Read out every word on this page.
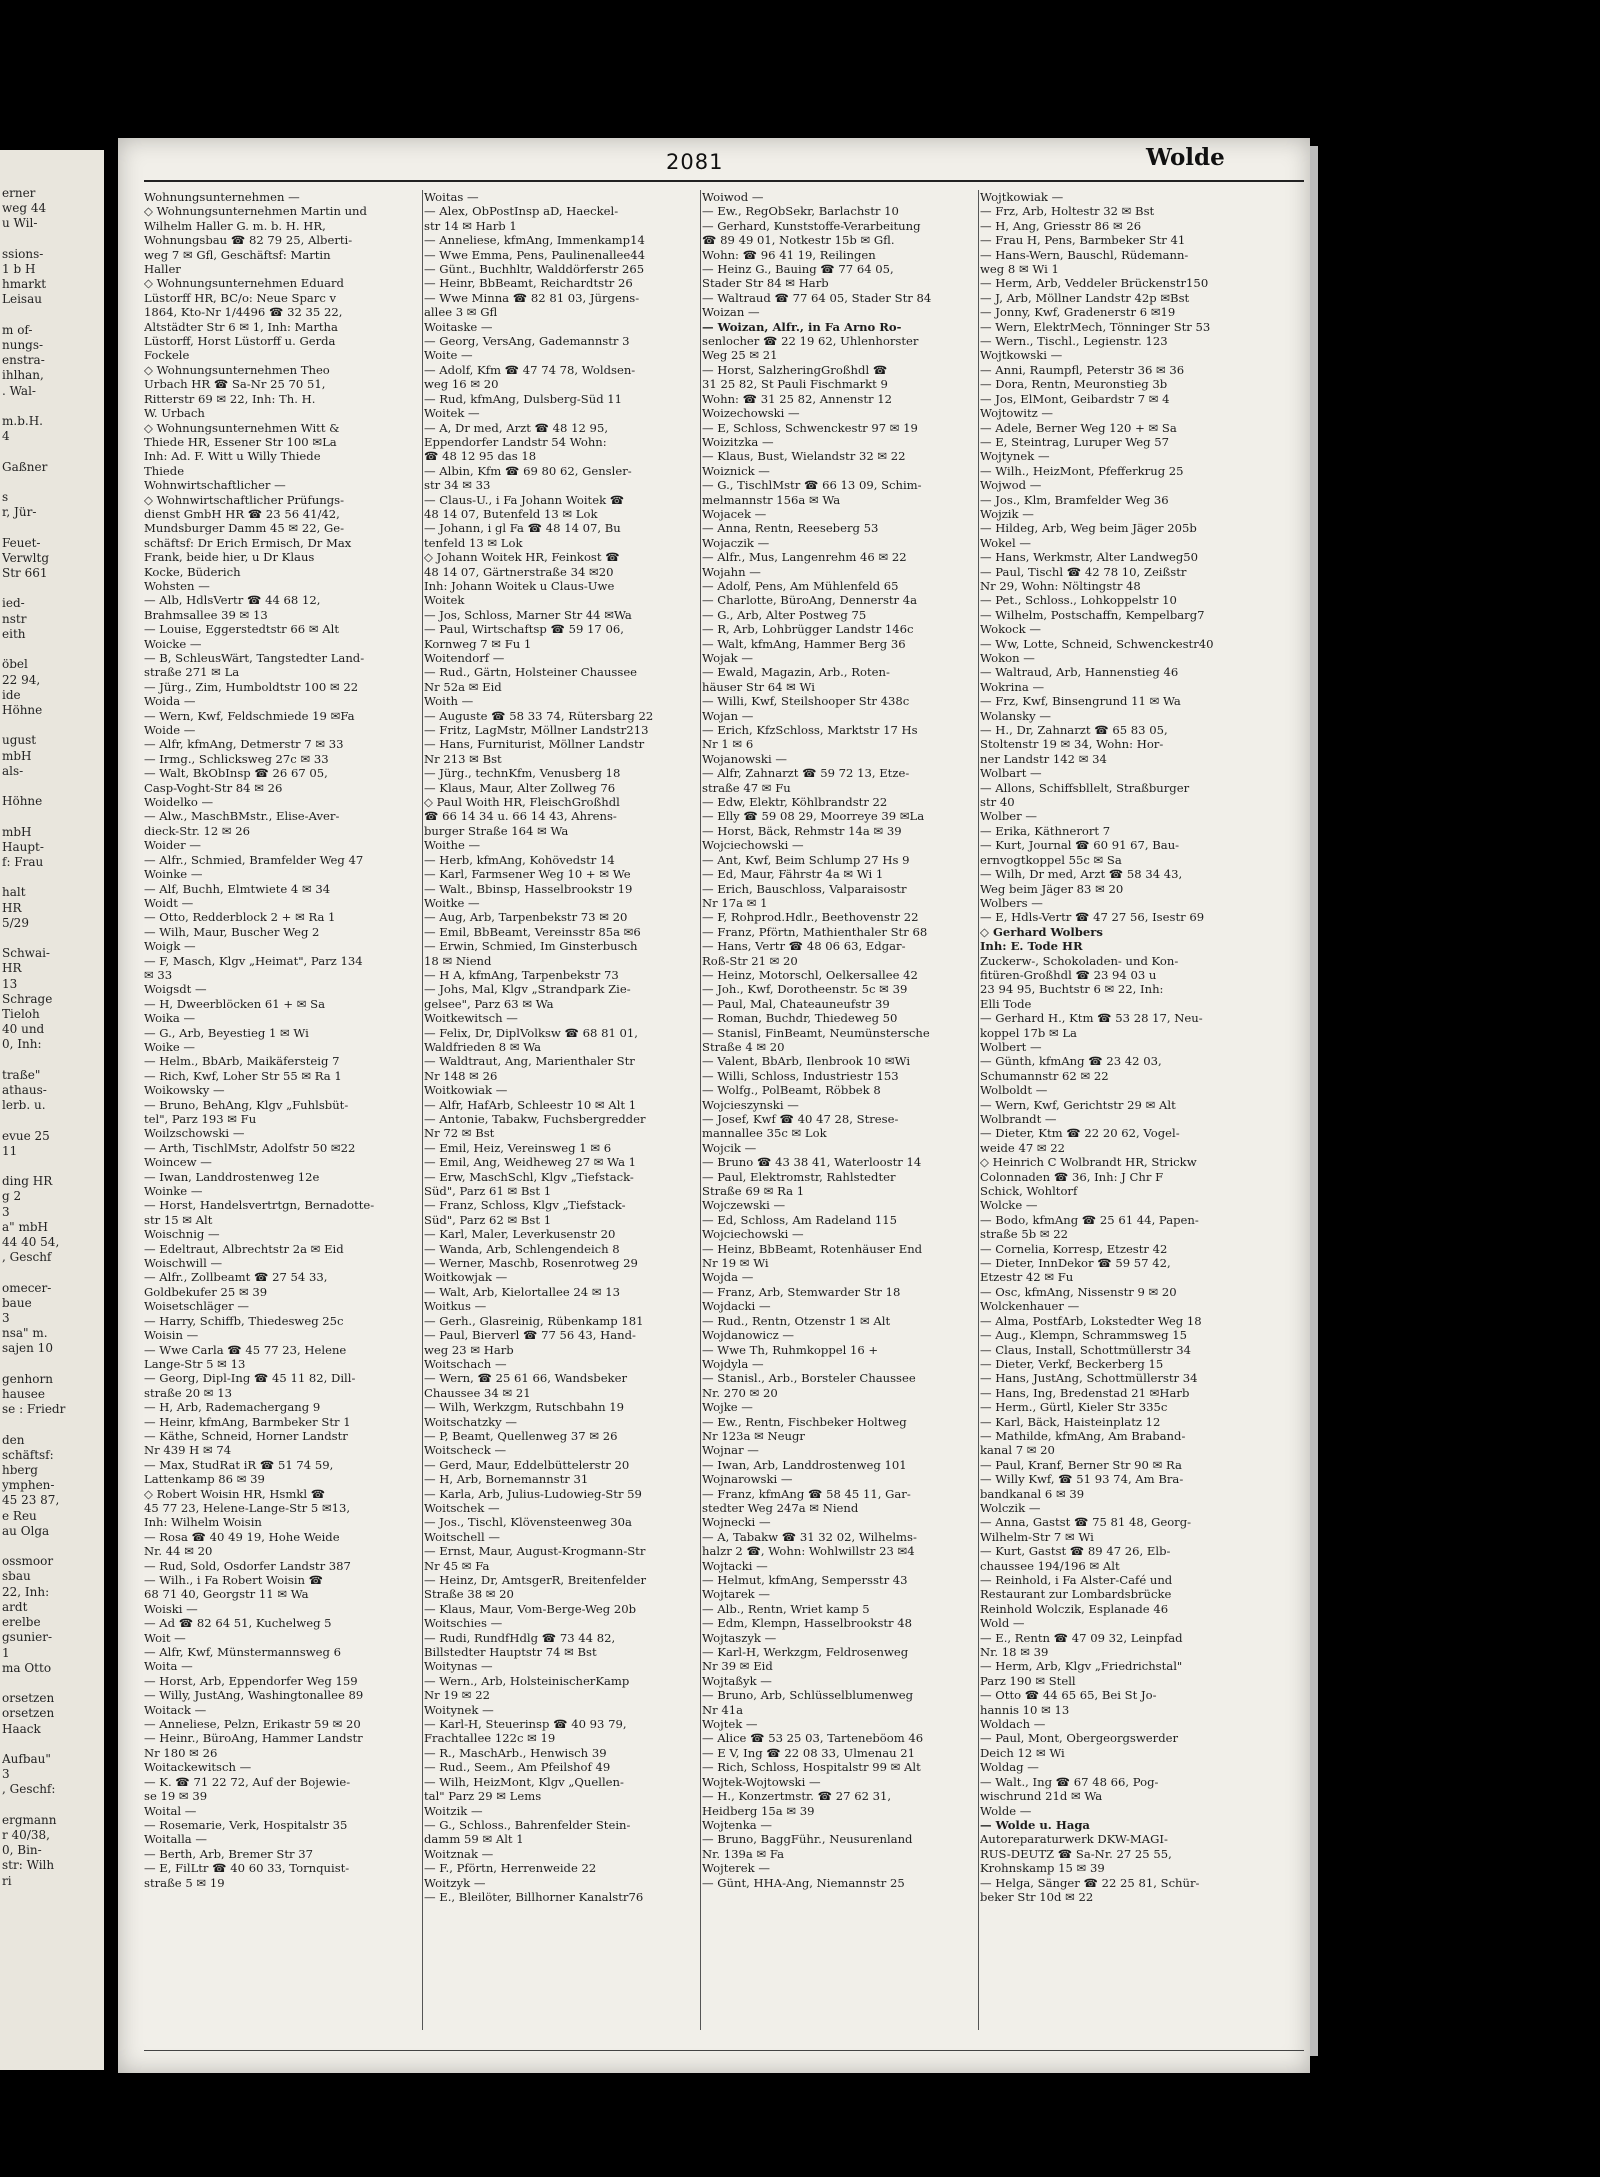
erner
weg 44
u Wil-

ssions-
1 b H
hmarkt
Leisau

m of-
nungs-
enstra-
ihlhan,
. Wal-

m.b.H.
4

Gaßner

s
r, Jür-

Feuet-
Verwltg
Str 661

ied-
nstr
eith

öbel
22 94,
ide
Höhne

ugust
mbH
als-

Höhne

mbH
Haupt-
f: Frau

halt
HR
5/29

Schwai-
HR
13
Schrage
Tieloh
40 und
0, Inh:

traße"
athaus-
lerb. u.

evue 25
11

ding HR
g 2
3
a" mbH
44 40 54,
, Geschf

omecer-
baue
3
nsa" m.
sajen 10

genhorn
hausee
se : Friedr

den
schäftsf:
hberg
ymphen-
45 23 87,
e Reu
au Olga

ossmoor
sbau
22, Inh:
ardt
erelbe
gsunier-
1
ma Otto

orsetzen
orsetzen
Haack

Aufbau"
3
, Geschf:

ergmann
r 40/38,
0, Bin-
str: Wilh
ri
2081	Wolde
Wohnungsunternehmen —
◇ Wohnungsunternehmen Martin und
Wilhelm Haller G. m. b. H. HR,
Wohnungsbau ☎ 82 79 25, Alberti-
weg 7 ✉ Gfl, Geschäftsf: Martin
Haller
◇ Wohnungsunternehmen Eduard
Lüstorff HR, BC/o: Neue Sparc v
1864, Kto-Nr 1/4496 ☎ 32 35 22,
Altstädter Str 6 ✉ 1, Inh: Martha
Lüstorff, Horst Lüstorff u. Gerda
Fockele
◇ Wohnungsunternehmen Theo
Urbach HR ☎ Sa-Nr 25 70 51,
Ritterstr 69 ✉ 22, Inh: Th. H.
W. Urbach
◇ Wohnungsunternehmen Witt &
Thiede HR, Essener Str 100 ✉La
Inh: Ad. F. Witt u Willy Thiede
Thiede
Wohnwirtschaftlicher —
◇ Wohnwirtschaftlicher Prüfungs-
dienst GmbH HR ☎ 23 56 41/42,
Mundsburger Damm 45 ✉ 22, Ge-
schäftsf: Dr Erich Ermisch, Dr Max
Frank, beide hier, u Dr Klaus
Kocke, Büderich
Wohsten —
— Alb, HdlsVertr ☎ 44 68 12,
Brahmsallee 39 ✉ 13
— Louise, Eggerstedtstr 66 ✉ Alt
Woicke —
— B, SchleusWärt, Tangstedter Land-
straße 271 ✉ La
— Jürg., Zim, Humboldtstr 100 ✉ 22
Woida —
— Wern, Kwf, Feldschmiede 19 ✉Fa
Woide —
— Alfr, kfmAng, Detmerstr 7 ✉ 33
— Irmg., Schlicksweg 27c ✉ 33
— Walt, BkObInsp ☎ 26 67 05,
Casp-Voght-Str 84 ✉ 26
Woidelko —
— Alw., MaschBMstr., Elise-Aver-
dieck-Str. 12 ✉ 26
Woider —
— Alfr., Schmied, Bramfelder Weg 47
Woinke —
— Alf, Buchh, Elmtwiete 4 ✉ 34
Woidt —
— Otto, Redderblock 2 + ✉ Ra 1
— Wilh, Maur, Buscher Weg 2
Woigk —
— F, Masch, Klgv „Heimat", Parz 134
✉ 33
Woigsdt —
— H, Dweerblöcken 61 + ✉ Sa
Woika —
— G., Arb, Beyestieg 1 ✉ Wi
Woike —
— Helm., BbArb, Maikäfersteig 7
— Rich, Kwf, Loher Str 55 ✉ Ra 1
Woikowsky —
— Bruno, BehAng, Klgv „Fuhlsbüt-
tel", Parz 193 ✉ Fu
Woilzschowski —
— Arth, TischlMstr, Adolfstr 50 ✉22
Woincew —
— Iwan, Landdrostenweg 12e
Woinke —
— Horst, Handelsvertrtgn, Bernadotte-
str 15 ✉ Alt
Woischnig —
— Edeltraut, Albrechtstr 2a ✉ Eid
Woischwill —
— Alfr., Zollbeamt ☎ 27 54 33,
Goldbekufer 25 ✉ 39
Woisetschläger —
— Harry, Schiffb, Thiedesweg 25c
Woisin —
— Wwe Carla ☎ 45 77 23, Helene
Lange-Str 5 ✉ 13
— Georg, Dipl-Ing ☎ 45 11 82, Dill-
straße 20 ✉ 13
— H, Arb, Rademachergang 9
— Heinr, kfmAng, Barmbeker Str 1
— Käthe, Schneid, Horner Landstr
Nr 439 H ✉ 74
— Max, StudRat iR ☎ 51 74 59,
Lattenkamp 86 ✉ 39
◇ Robert Woisin HR, Hsmkl ☎
45 77 23, Helene-Lange-Str 5 ✉13,
Inh: Wilhelm Woisin
— Rosa ☎ 40 49 19, Hohe Weide
Nr. 44 ✉ 20
— Rud, Sold, Osdorfer Landstr 387
— Wilh., i Fa Robert Woisin ☎
68 71 40, Georgstr 11 ✉ Wa
Woiski —
— Ad ☎ 82 64 51, Kuchelweg 5
Woit —
— Alfr, Kwf, Münstermannsweg 6
Woita —
— Horst, Arb, Eppendorfer Weg 159
— Willy, JustAng, Washingtonallee 89
Woitack —
— Anneliese, Pelzn, Erikastr 59 ✉ 20
— Heinr., BüroAng, Hammer Landstr
Nr 180 ✉ 26
Woitackewitsch —
— K. ☎ 71 22 72, Auf der Bojewie-
se 19 ✉ 39
Woital —
— Rosemarie, Verk, Hospitalstr 35
Woitalla —
— Berth, Arb, Bremer Str 37
— E, FilLtr ☎ 40 60 33, Tornquist-
straße 5 ✉ 19
Woitas —
— Alex, ObPostInsp aD, Haeckel-
str 14 ✉ Harb 1
— Anneliese, kfmAng, Immenkamp14
— Wwe Emma, Pens, Paulinenallee44
— Günt., Buchhltr, Walddörferstr 265
— Heinr, BbBeamt, Reichardtstr 26
— Wwe Minna ☎ 82 81 03, Jürgens-
allee 3 ✉ Gfl
Woitaske —
— Georg, VersAng, Gademannstr 3
Woite —
— Adolf, Kfm ☎ 47 74 78, Woldsen-
weg 16 ✉ 20
— Rud, kfmAng, Dulsberg-Süd 11
Woitek —
— A, Dr med, Arzt ☎ 48 12 95,
Eppendorfer Landstr 54 Wohn:
☎ 48 12 95 das 18
— Albin, Kfm ☎ 69 80 62, Gensler-
str 34 ✉ 33
— Claus-U., i Fa Johann Woitek ☎
48 14 07, Butenfeld 13 ✉ Lok
— Johann, i gl Fa ☎ 48 14 07, Bu
tenfeld 13 ✉ Lok
◇ Johann Woitek HR, Feinkost ☎
48 14 07, Gärtnerstraße 34 ✉20
Inh: Johann Woitek u Claus-Uwe
Woitek
— Jos, Schloss, Marner Str 44 ✉Wa
— Paul, Wirtschaftsp ☎ 59 17 06,
Kornweg 7 ✉ Fu 1
Woitendorf —
— Rud., Gärtn, Holsteiner Chaussee
Nr 52a ✉ Eid
Woith —
— Auguste ☎ 58 33 74, Rütersbarg 22
— Fritz, LagMstr, Möllner Landstr213
— Hans, Furniturist, Möllner Landstr
Nr 213 ✉ Bst
— Jürg., technKfm, Venusberg 18
— Klaus, Maur, Alter Zollweg 76
◇ Paul Woith HR, FleischGroßhdl
☎ 66 14 34 u. 66 14 43, Ahrens-
burger Straße 164 ✉ Wa
Woithe —
— Herb, kfmAng, Kohövedstr 14
— Karl, Farmsener Weg 10 + ✉ We
— Walt., Bbinsp, Hasselbrookstr 19
Woitke —
— Aug, Arb, Tarpenbekstr 73 ✉ 20
— Emil, BbBeamt, Vereinsstr 85a ✉6
— Erwin, Schmied, Im Ginsterbusch
18 ✉ Niend
— H A, kfmAng, Tarpenbekstr 73
— Johs, Mal, Klgv „Strandpark Zie-
gelsee", Parz 63 ✉ Wa
Woitkewitsch —
— Felix, Dr, DiplVolksw ☎ 68 81 01,
Waldfrieden 8 ✉ Wa
— Waldtraut, Ang, Marienthaler Str
Nr 148 ✉ 26
Woitkowiak —
— Alfr, HafArb, Schleestr 10 ✉ Alt 1
— Antonie, Tabakw, Fuchsbergredder
Nr 72 ✉ Bst
— Emil, Heiz, Vereinsweg 1 ✉ 6
— Emil, Ang, Weidheweg 27 ✉ Wa 1
— Erw, MaschSchl, Klgv „Tiefstack-
Süd", Parz 61 ✉ Bst 1
— Franz, Schloss, Klgv „Tiefstack-
Süd", Parz 62 ✉ Bst 1
— Karl, Maler, Leverkusenstr 20
— Wanda, Arb, Schlengendeich 8
— Werner, Maschb, Rosenrotweg 29
Woitkowjak —
— Walt, Arb, Kielortallee 24 ✉ 13
Woitkus —
— Gerh., Glasreinig, Rübenkamp 181
— Paul, Bierverl ☎ 77 56 43, Hand-
weg 23 ✉ Harb
Woitschach —
— Wern, ☎ 25 61 66, Wandsbeker
Chaussee 34 ✉ 21
— Wilh, Werkzgm, Rutschbahn 19
Woitschatzky —
— P, Beamt, Quellenweg 37 ✉ 26
Woitscheck —
— Gerd, Maur, Eddelbüttelerstr 20
— H, Arb, Bornemannstr 31
— Karla, Arb, Julius-Ludowieg-Str 59
Woitschek —
— Jos., Tischl, Klövensteenweg 30a
Woitschell —
— Ernst, Maur, August-Krogmann-Str
Nr 45 ✉ Fa
— Heinz, Dr, AmtsgerR, Breitenfelder
Straße 38 ✉ 20
— Klaus, Maur, Vom-Berge-Weg 20b
Woitschies —
— Rudi, RundfHdlg ☎ 73 44 82,
Billstedter Hauptstr 74 ✉ Bst
Woitynas —
— Wern., Arb, HolsteinischerKamp
Nr 19 ✉ 22
Woitynek —
— Karl-H, Steuerinsp ☎ 40 93 79,
Frachtallee 122c ✉ 19
— R., MaschArb., Henwisch 39
— Rud., Seem., Am Pfeilshof 49
— Wilh, HeizMont, Klgv „Quellen-
tal" Parz 29 ✉ Lems
Woitzik —
— G., Schloss., Bahrenfelder Stein-
damm 59 ✉ Alt 1
Woitznak —
— F., Pförtn, Herrenweide 22
Woitzyk —
— E., Bleilöter, Billhorner Kanalstr76
Woiwod —
— Ew., RegObSekr, Barlachstr 10
— Gerhard, Kunststoffe-Verarbeitung
☎ 89 49 01, Notkestr 15b ✉ Gfl.
Wohn: ☎ 96 41 19, Reilingen
— Heinz G., Bauing ☎ 77 64 05,
Stader Str 84 ✉ Harb
— Waltraud ☎ 77 64 05, Stader Str 84
Woizan —
— Woizan, Alfr., in Fa Arno Ro-
senlocher ☎ 22 19 62, Uhlenhorster
Weg 25 ✉ 21
— Horst, SalzheringGroßhdl ☎
31 25 82, St Pauli Fischmarkt 9
Wohn: ☎ 31 25 82, Annenstr 12
Woizechowski —
— E, Schloss, Schwenckestr 97 ✉ 19
Woizitzka —
— Klaus, Bust, Wielandstr 32 ✉ 22
Woiznick —
— G., TischlMstr ☎ 66 13 09, Schim-
melmannstr 156a ✉ Wa
Wojacek —
— Anna, Rentn, Reeseberg 53
Wojaczik —
— Alfr., Mus, Langenrehm 46 ✉ 22
Wojahn —
— Adolf, Pens, Am Mühlenfeld 65
— Charlotte, BüroAng, Dennerstr 4a
— G., Arb, Alter Postweg 75
— R, Arb, Lohbrügger Landstr 146c
— Walt, kfmAng, Hammer Berg 36
Wojak —
— Ewald, Magazin, Arb., Roten-
häuser Str 64 ✉ Wi
— Willi, Kwf, Steilshooper Str 438c
Wojan —
— Erich, KfzSchloss, Marktstr 17 Hs
Nr 1 ✉ 6
Wojanowski —
— Alfr, Zahnarzt ☎ 59 72 13, Etze-
straße 47 ✉ Fu
— Edw, Elektr, Köhlbrandstr 22
— Elly ☎ 59 08 29, Moorreye 39 ✉La
— Horst, Bäck, Rehmstr 14a ✉ 39
Wojciechowski —
— Ant, Kwf, Beim Schlump 27 Hs 9
— Ed, Maur, Fährstr 4a ✉ Wi 1
— Erich, Bauschloss, Valparaisostr
Nr 17a ✉ 1
— F, Rohprod.Hdlr., Beethovenstr 22
— Franz, Pförtn, Mathienthaler Str 68
— Hans, Vertr ☎ 48 06 63, Edgar-
Roß-Str 21 ✉ 20
— Heinz, Motorschl, Oelkersallee 42
— Joh., Kwf, Dorotheenstr. 5c ✉ 39
— Paul, Mal, Chateauneufstr 39
— Roman, Buchdr, Thiedeweg 50
— Stanisl, FinBeamt, Neumünstersche
Straße 4 ✉ 20
— Valent, BbArb, Ilenbrook 10 ✉Wi
— Willi, Schloss, Industriestr 153
— Wolfg., PolBeamt, Röbbek 8
Wojcieszynski —
— Josef, Kwf ☎ 40 47 28, Strese-
mannallee 35c ✉ Lok
Wojcik —
— Bruno ☎ 43 38 41, Waterloostr 14
— Paul, Elektromstr, Rahlstedter
Straße 69 ✉ Ra 1
Wojczewski —
— Ed, Schloss, Am Radeland 115
Wojciechowski —
— Heinz, BbBeamt, Rotenhäuser End
Nr 19 ✉ Wi
Wojda —
— Franz, Arb, Stemwarder Str 18
Wojdacki —
— Rud., Rentn, Otzenstr 1 ✉ Alt
Wojdanowicz —
— Wwe Th, Ruhmkoppel 16 +
Wojdyla —
— Stanisl., Arb., Borsteler Chaussee
Nr. 270 ✉ 20
Wojke —
— Ew., Rentn, Fischbeker Holtweg
Nr 123a ✉ Neugr
Wojnar —
— Iwan, Arb, Landdrostenweg 101
Wojnarowski —
— Franz, kfmAng ☎ 58 45 11, Gar-
stedter Weg 247a ✉ Niend
Wojnecki —
— A, Tabakw ☎ 31 32 02, Wilhelms-
halzr 2 ☎, Wohn: Wohlwillstr 23 ✉4
Wojtacki —
— Helmut, kfmAng, Sempersstr 43
Wojtarek —
— Alb., Rentn, Wriet kamp 5
— Edm, Klempn, Hasselbrookstr 48
Wojtaszyk —
— Karl-H, Werkzgm, Feldrosenweg
Nr 39 ✉ Eid
Wojtaßyk —
— Bruno, Arb, Schlüsselblumenweg
Nr 41a
Wojtek —
— Alice ☎ 53 25 03, Tarteneböom 46
— E V, Ing ☎ 22 08 33, Ulmenau 21
— Rich, Schloss, Hospitalstr 99 ✉ Alt
Wojtek-Wojtowski —
— H., Konzertmstr. ☎ 27 62 31,
Heidberg 15a ✉ 39
Wojtenka —
— Bruno, BaggFühr., Neusurenland
Nr. 139a ✉ Fa
Wojterek —
— Günt, HHA-Ang, Niemannstr 25
Wojtkowiak —
— Frz, Arb, Holtestr 32 ✉ Bst
— H, Ang, Griesstr 86 ✉ 26
— Frau H, Pens, Barmbeker Str 41
— Hans-Wern, Bauschl, Rüdemann-
weg 8 ✉ Wi 1
— Herm, Arb, Veddeler Brückenstr150
— J, Arb, Möllner Landstr 42p ✉Bst
— Jonny, Kwf, Gradenerstr 6 ✉19
— Wern, ElektrMech, Tönninger Str 53
— Wern., Tischl., Legienstr. 123
Wojtkowski —
— Anni, Raumpfl, Peterstr 36 ✉ 36
— Dora, Rentn, Meuronstieg 3b
— Jos, ElMont, Geibardstr 7 ✉ 4
Wojtowitz —
— Adele, Berner Weg 120 + ✉ Sa
— E, Steintrag, Luruper Weg 57
Wojtynek —
— Wilh., HeizMont, Pfefferkrug 25
Wojwod —
— Jos., Klm, Bramfelder Weg 36
Wojzik —
— Hildeg, Arb, Weg beim Jäger 205b
Wokel —
— Hans, Werkmstr, Alter Landweg50
— Paul, Tischl ☎ 42 78 10, Zeißstr
Nr 29, Wohn: Nöltingstr 48
— Pet., Schloss., Lohkoppelstr 10
— Wilhelm, Postschaffn, Kempelbarg7
Wokock —
— Ww, Lotte, Schneid, Schwenckestr40
Wokon —
— Waltraud, Arb, Hannenstieg 46
Wokrina —
— Frz, Kwf, Binsengrund 11 ✉ Wa
Wolansky —
— H., Dr, Zahnarzt ☎ 65 83 05,
Stoltenstr 19 ✉ 34, Wohn: Hor-
ner Landstr 142 ✉ 34
Wolbart —
— Allons, Schiffsbllelt, Straßburger
str 40
Wolber —
— Erika, Käthnerort 7
— Kurt, Journal ☎ 60 91 67, Bau-
ernvogtkoppel 55c ✉ Sa
— Wilh, Dr med, Arzt ☎ 58 34 43,
Weg beim Jäger 83 ✉ 20
Wolbers —
— E, Hdls-Vertr ☎ 47 27 56, Isestr 69
◇ Gerhard Wolbers
Inh: E. Tode HR
Zuckerw-, Schokoladen- und Kon-
fitüren-Großhdl ☎ 23 94 03 u
23 94 95, Buchtstr 6 ✉ 22, Inh:
Elli Tode
— Gerhard H., Ktm ☎ 53 28 17, Neu-
koppel 17b ✉ La
Wolbert —
— Günth, kfmAng ☎ 23 42 03,
Schumannstr 62 ✉ 22
Wolboldt —
— Wern, Kwf, Gerichtstr 29 ✉ Alt
Wolbrandt —
— Dieter, Ktm ☎ 22 20 62, Vogel-
weide 47 ✉ 22
◇ Heinrich C Wolbrandt HR, Strickw
Colonnaden ☎ 36, Inh: J Chr F
Schick, Wohltorf
Wolcke —
— Bodo, kfmAng ☎ 25 61 44, Papen-
straße 5b ✉ 22
— Cornelia, Korresp, Etzestr 42
— Dieter, InnDekor ☎ 59 57 42,
Etzestr 42 ✉ Fu
— Osc, kfmAng, Nissenstr 9 ✉ 20
Wolckenhauer —
— Alma, PostfArb, Lokstedter Weg 18
— Aug., Klempn, Schrammsweg 15
— Claus, Install, Schottmüllerstr 34
— Dieter, Verkf, Beckerberg 15
— Hans, JustAng, Schottmüllerstr 34
— Hans, Ing, Bredenstad 21 ✉Harb
— Herm., Gürtl, Kieler Str 335c
— Karl, Bäck, Haisteinplatz 12
— Mathilde, kfmAng, Am Braband-
kanal 7 ✉ 20
— Paul, Kranf, Berner Str 90 ✉ Ra
— Willy Kwf, ☎ 51 93 74, Am Bra-
bandkanal 6 ✉ 39
Wolczik —
— Anna, Gastst ☎ 75 81 48, Georg-
Wilhelm-Str 7 ✉ Wi
— Kurt, Gastst ☎ 89 47 26, Elb-
chaussee 194/196 ✉ Alt
— Reinhold, i Fa Alster-Café und
Restaurant zur Lombardsbrücke
Reinhold Wolczik, Esplanade 46
Wold —
— E., Rentn ☎ 47 09 32, Leinpfad
Nr. 18 ✉ 39
— Herm, Arb, Klgv „Friedrichstal"
Parz 190 ✉ Stell
— Otto ☎ 44 65 65, Bei St Jo-
hannis 10 ✉ 13
Woldach —
— Paul, Mont, Obergeorgswerder
Deich 12 ✉ Wi
Woldag —
— Walt., Ing ☎ 67 48 66, Pog-
wischrund 21d ✉ Wa
Wolde —
— Wolde u. Haga
Autoreparaturwerk DKW-MAGI-
RUS-DEUTZ ☎ Sa-Nr. 27 25 55,
Krohnskamp 15 ✉ 39
— Helga, Sänger ☎ 22 25 81, Schür-
beker Str 10d ✉ 22
